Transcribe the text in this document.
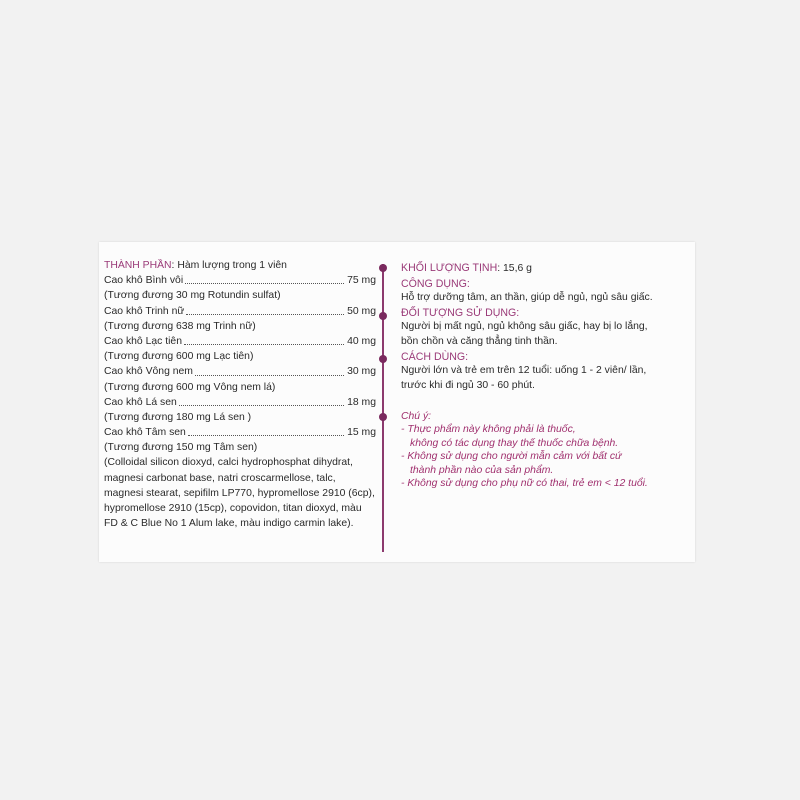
THÀNH PHẦN: Hàm lượng trong 1 viên
Cao khô Bình vôi	75 mg
(Tương đương 30 mg Rotundin sulfat)
Cao khô Trinh nữ	50 mg
(Tương đương 638 mg Trinh nữ)
Cao khô Lạc tiên	40 mg
(Tương đương 600 mg Lạc tiên)
Cao khô Vông nem	30 mg
(Tương đương 600 mg Vông nem lá)
Cao khô Lá sen	18 mg
(Tương đương 180 mg Lá sen )
Cao khô Tâm sen	15 mg
(Tương đương 150 mg Tâm sen)
(Colloidal silicon dioxyd, calci hydrophosphat dihydrat, magnesi carbonat base, natri croscarmellose, talc, magnesi stearat, sepifilm LP770, hypromellose 2910 (6cp), hypromellose 2910 (15cp), copovidon, titan dioxyd, màu FD & C Blue No 1 Alum lake, màu indigo carmin lake).
KHỐI LƯỢNG TỊNH: 15,6 g
CÔNG DỤNG:
Hỗ trợ dưỡng tâm, an thần, giúp dễ ngủ, ngủ sâu giấc.
ĐỐI TƯỢNG SỬ DỤNG:
Người bị mất ngủ, ngủ không sâu giấc, hay bị lo lắng,
bồn chồn và căng thẳng tinh thần.
CÁCH DÙNG:
Người lớn và trẻ em trên 12 tuổi: uống 1 - 2 viên/ lần,
trước khi đi ngủ 30 - 60 phút.
Chú ý:
- Thực phẩm này không phải là thuốc,
không có tác dụng thay thế thuốc chữa bệnh.
- Không sử dụng cho người mẫn cảm với bất cứ
thành phần nào của sản phẩm.
- Không sử dụng cho phụ nữ có thai, trẻ em < 12 tuổi.
